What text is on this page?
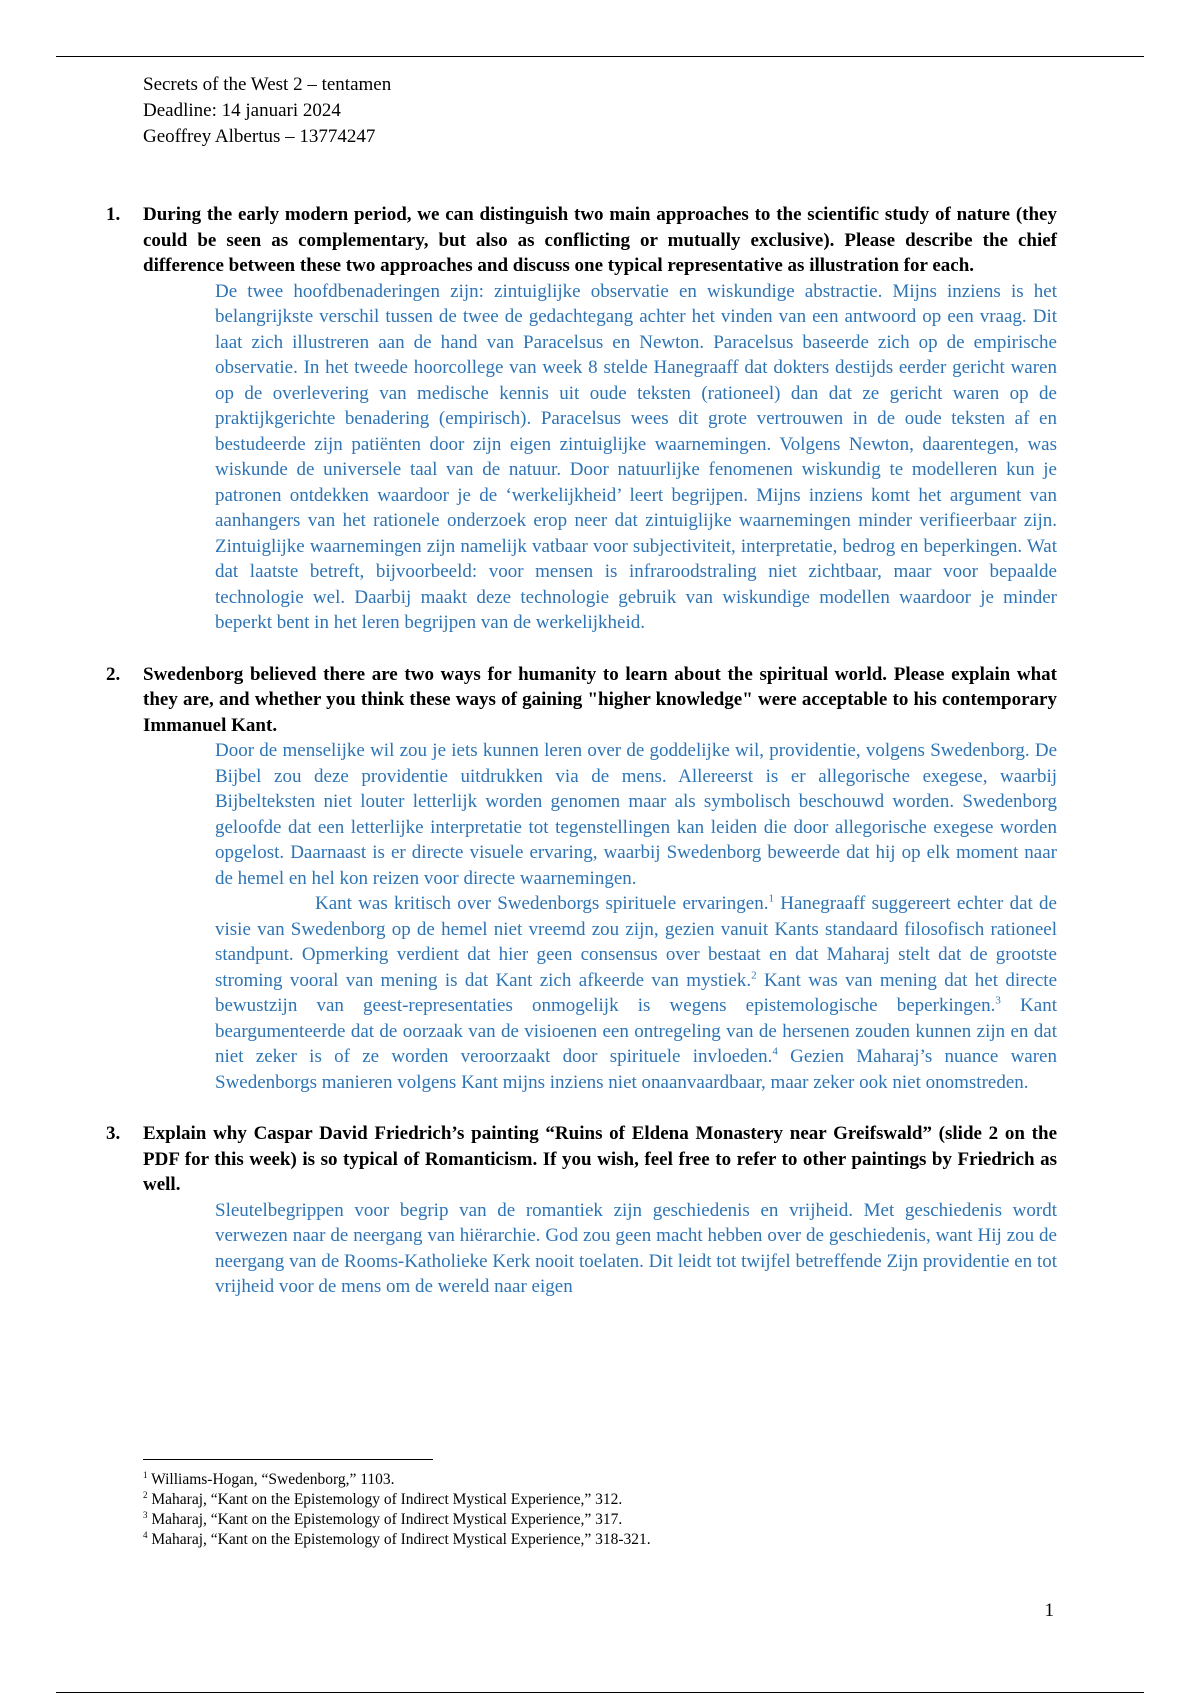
Secrets of the West 2 – tentamen
Deadline: 14 januari 2024
Geoffrey Albertus – 13774247
1. During the early modern period, we can distinguish two main approaches to the scientific study of nature (they could be seen as complementary, but also as conflicting or mutually exclusive). Please describe the chief difference between these two approaches and discuss one typical representative as illustration for each.

De twee hoofdbenaderingen zijn: zintuiglijke observatie en wiskundige abstractie. Mijns inziens is het belangrijkste verschil tussen de twee de gedachtegang achter het vinden van een antwoord op een vraag. Dit laat zich illustreren aan de hand van Paracelsus en Newton. Paracelsus baseerde zich op de empirische observatie. In het tweede hoorcollege van week 8 stelde Hanegraaff dat dokters destijds eerder gericht waren op de overlevering van medische kennis uit oude teksten (rationeel) dan dat ze gericht waren op de praktijkgerichte benadering (empirisch). Paracelsus wees dit grote vertrouwen in de oude teksten af en bestudeerde zijn patiënten door zijn eigen zintuiglijke waarnemingen. Volgens Newton, daarentegen, was wiskunde de universele taal van de natuur. Door natuurlijke fenomenen wiskundig te modelleren kun je patronen ontdekken waardoor je de ‘werkelijkheid’ leert begrijpen. Mijns inziens komt het argument van aanhangers van het rationele onderzoek erop neer dat zintuiglijke waarnemingen minder verifieerbaar zijn. Zintuiglijke waarnemingen zijn namelijk vatbaar voor subjectiviteit, interpretatie, bedrog en beperkingen. Wat dat laatste betreft, bijvoorbeeld: voor mensen is infraroodstraling niet zichtbaar, maar voor bepaalde technologie wel. Daarbij maakt deze technologie gebruik van wiskundige modellen waardoor je minder beperkt bent in het leren begrijpen van de werkelijkheid.

2. Swedenborg believed there are two ways for humanity to learn about the spiritual world. Please explain what they are, and whether you think these ways of gaining "higher knowledge" were acceptable to his contemporary Immanuel Kant.

Door de menselijke wil zou je iets kunnen leren over de goddelijke wil, providentie, volgens Swedenborg. De Bijbel zou deze providentie uitdrukken via de mens. Allereerst is er allegorische exegese, waarbij Bijbelteksten niet louter letterlijk worden genomen maar als symbolisch beschouwd worden. Swedenborg geloofde dat een letterlijke interpretatie tot tegenstellingen kan leiden die door allegorische exegese worden opgelost. Daarnaast is er directe visuele ervaring, waarbij Swedenborg beweerde dat hij op elk moment naar de hemel en hel kon reizen voor directe waarnemingen.

Kant was kritisch over Swedenborgs spirituele ervaringen.$^1$ Hanegraaff suggereert echter dat de visie van Swedenborg op de hemel niet vreemd zou zijn, gezien vanuit Kants standaard filosofisch rationeel standpunt. Opmerking verdient dat hier geen consensus over bestaat en dat Maharaj stelt dat de grootste stroming vooral van mening is dat Kant zich afkeerde van mystiek.$^2$ Kant was van mening dat het directe bewustzijn van geest-representaties onmogelijk is wegens epistemologische beperkingen.$^3$ Kant beargumenteerde dat de oorzaak van de visioenen een ontregeling van de hersenen zouden kunnen zijn en dat niet zeker is of ze worden veroorzaakt door spirituele invloeden.$^4$ Gezien Maharaj’s nuance waren Swedenborgs manieren volgens Kant mijns inziens niet onaanvaardbaar, maar zeker ook niet onomstreden.

3. Explain why Caspar David Friedrich’s painting “Ruins of Eldena Monastery near Greifswald” (slide 2 on the PDF for this week) is so typical of Romanticism. If you wish, feel free to refer to other paintings by Friedrich as well.

Sleutelbegrippen voor begrip van de romantiek zijn geschiedenis en vrijheid. Met geschiedenis wordt verwezen naar de neergang van hiërarchie. God zou geen macht hebben over de geschiedenis, want Hij zou de neergang van de Rooms-Katholieke Kerk nooit toelaten. Dit leidt tot twijfel betreffende Zijn providentie en tot vrijheid voor de mens om de wereld naar eigen

$^1$ Williams-Hogan, “Swedenborg,” 1103.
$^2$ Maharaj, “Kant on the Epistemology of Indirect Mystical Experience,” 312.
$^3$ Maharaj, “Kant on the Epistemology of Indirect Mystical Experience,” 317.
$^4$ Maharaj, “Kant on the Epistemology of Indirect Mystical Experience,” 318-321.
1
